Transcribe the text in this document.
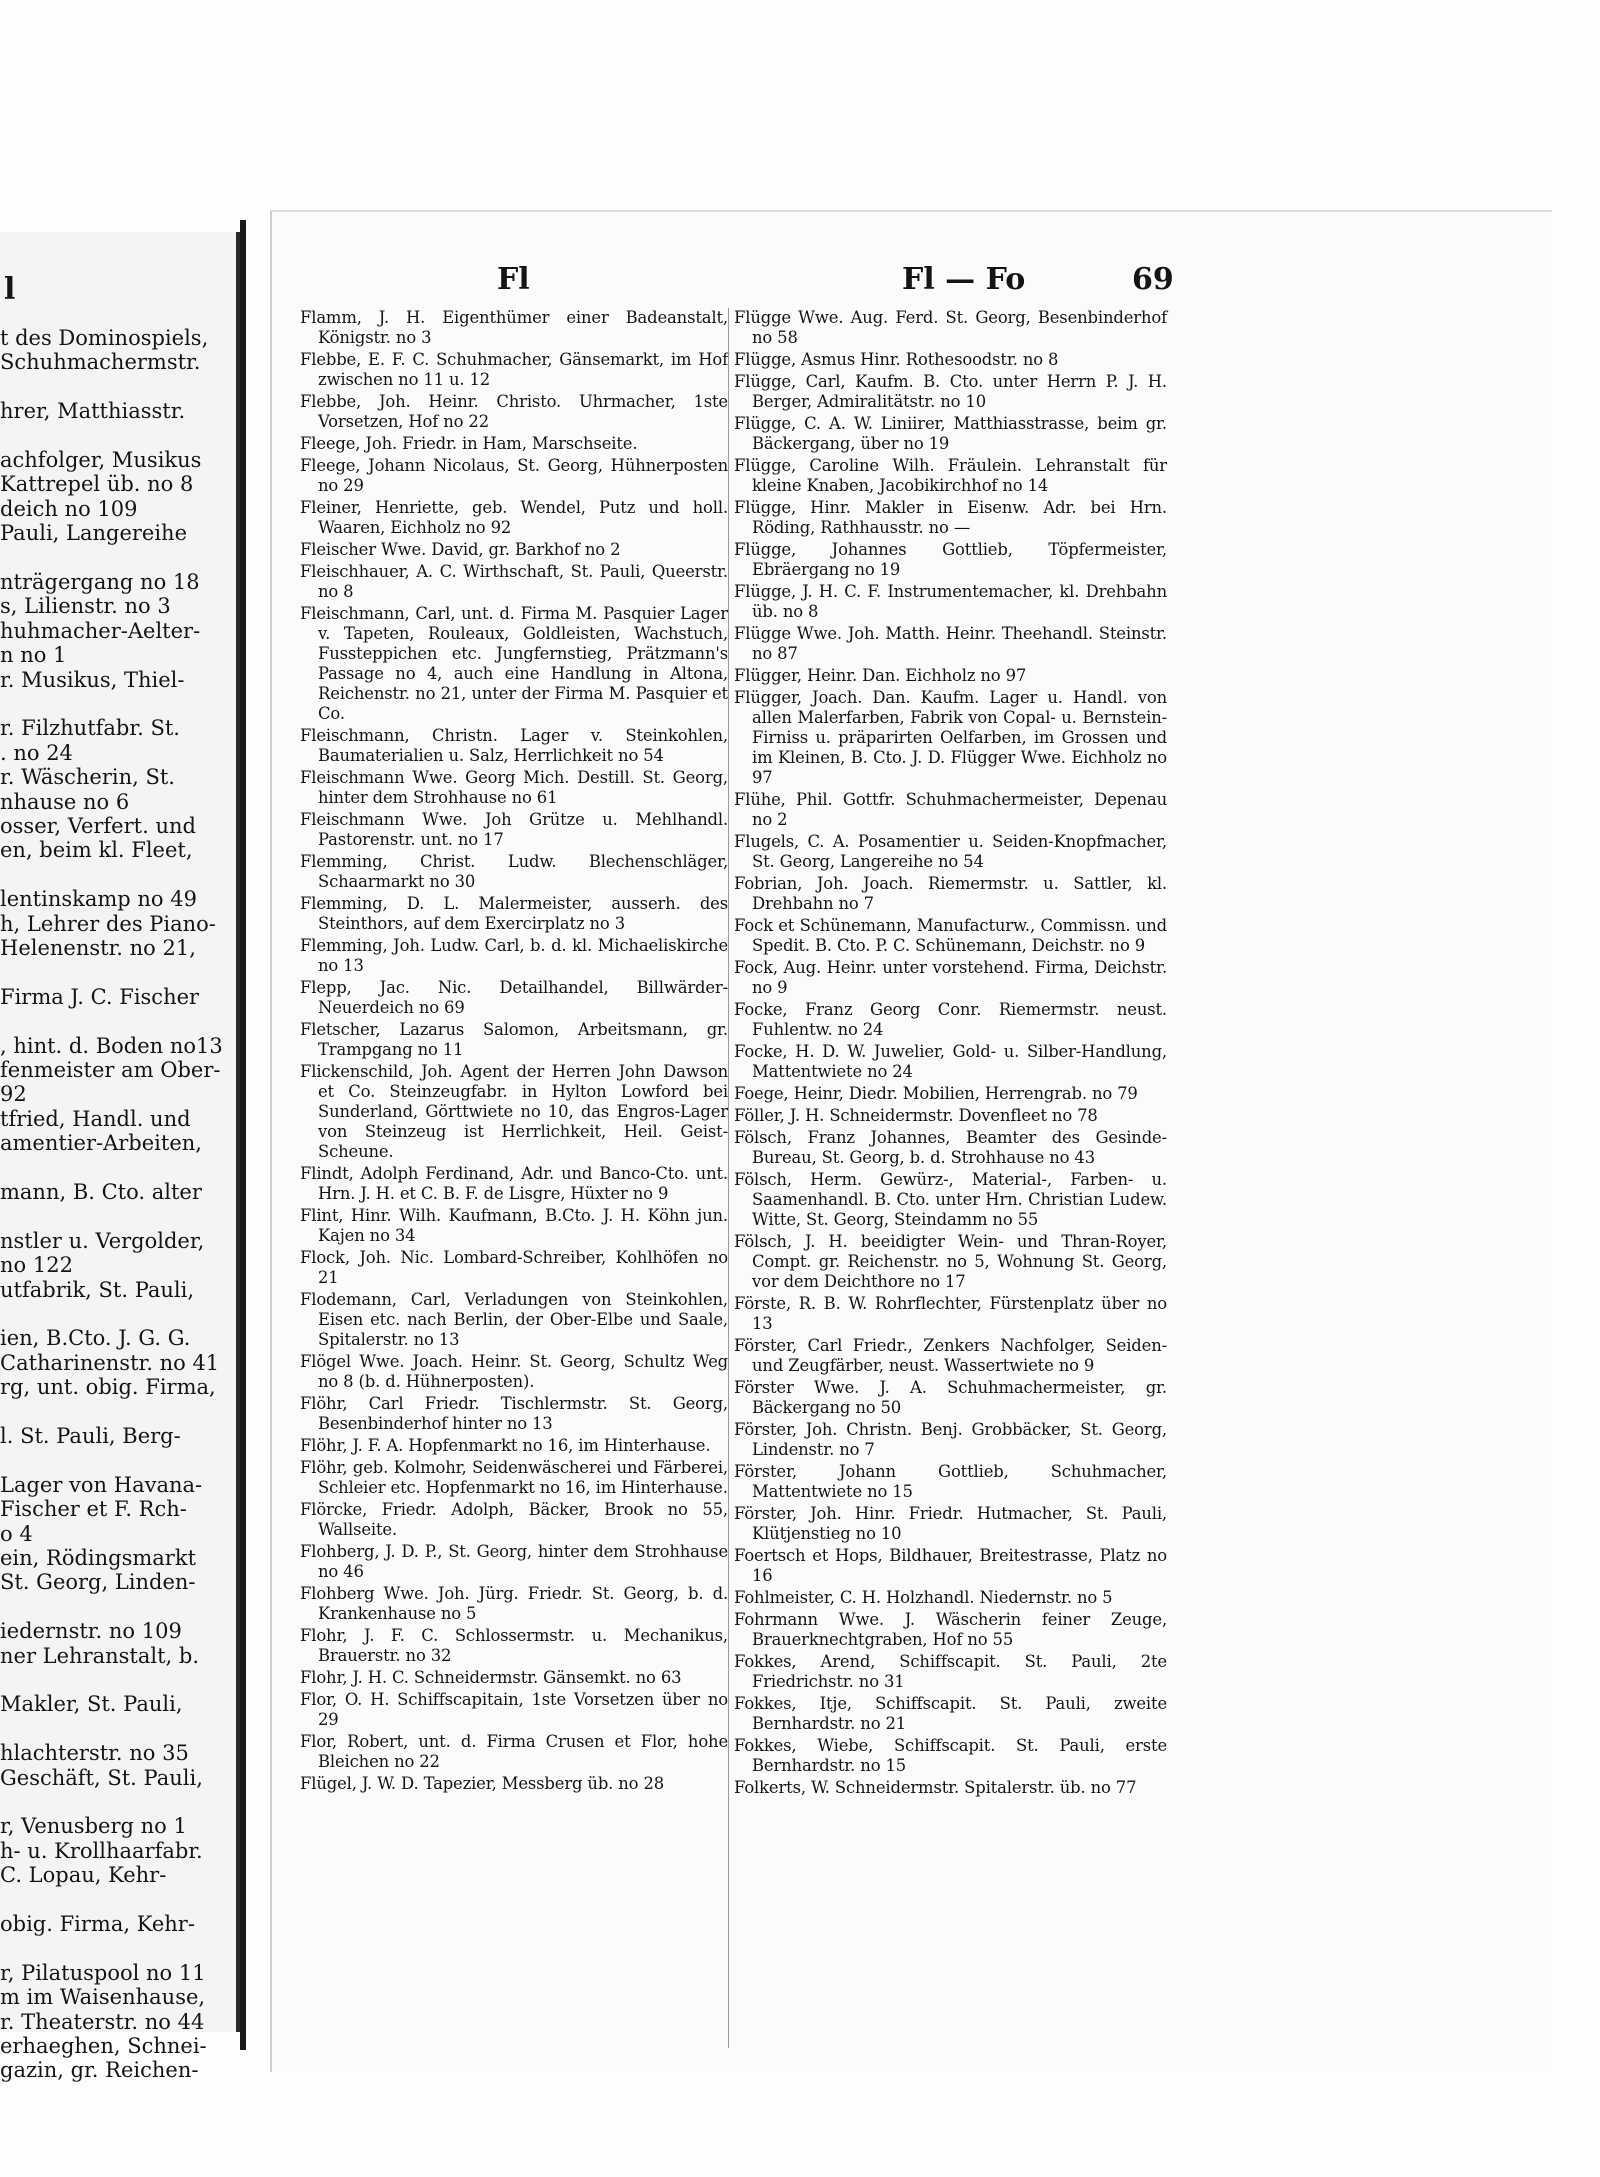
l
t des Dominospiels,
Schuhmachermstr.
hrer, Matthiasstr.
achfolger, Musikus
Kattrepel üb. no 8
deich no 109
Pauli, Langereihe
nträgergang no 18
s, Lilienstr. no 3
huhmacher-Aelter-
n no 1
r. Musikus, Thiel-
r. Filzhutfabr. St.
. no 24
r. Wäscherin, St.
nhause no 6
osser, Verfert. und
en, beim kl. Fleet,
lentinskamp no 49
h, Lehrer des Piano-
Helenenstr. no 21,
Firma J. C. Fischer
, hint. d. Boden no13
fenmeister am Ober-
92
tfried, Handl. und
amentier-Arbeiten,
mann, B. Cto. alter
nstler u. Vergolder,
no 122
utfabrik, St. Pauli,
ien, B.Cto. J. G. G.
Catharinenstr. no 41
rg, unt. obig. Firma,
l. St. Pauli, Berg-
Lager von Havana-
Fischer et F. Rch-
o 4
ein, Rödingsmarkt
St. Georg, Linden-
iedernstr. no 109
ner Lehranstalt, b.
Makler, St. Pauli,
hlachterstr. no 35
Geschäft, St. Pauli,
r, Venusberg no 1
h- u. Krollhaarfabr.
C. Lopau, Kehr-
obig. Firma, Kehr-
r, Pilatuspool no 11
m im Waisenhause,
r. Theaterstr. no 44
erhaeghen, Schnei-
gazin, gr. Reichen-
Fl	Fl — Fo	69
Flamm, J. H. Eigenthümer einer Badeanstalt, Königstr. no 3
Flebbe, E. F. C. Schuhmacher, Gänsemarkt, im Hof zwischen no 11 u. 12
Flebbe, Joh. Heinr. Christo. Uhrmacher, 1ste Vorsetzen, Hof no 22
Fleege, Joh. Friedr. in Ham, Marschseite.
Fleege, Johann Nicolaus, St. Georg, Hühnerposten no 29
Fleiner, Henriette, geb. Wendel, Putz und holl. Waaren, Eichholz no 92
Fleischer Wwe. David, gr. Barkhof no 2
Fleischhauer, A. C. Wirthschaft, St. Pauli, Queerstr. no 8
Fleischmann, Carl, unt. d. Firma M. Pasquier Lager v. Tapeten, Rouleaux, Goldleisten, Wachstuch, Fussteppichen etc. Jungfernstieg, Prätzmann's Passage no 4, auch eine Handlung in Altona, Reichenstr. no 21, unter der Firma M. Pasquier et Co.
Fleischmann, Christn. Lager v. Steinkohlen, Baumaterialien u. Salz, Herrlichkeit no 54
Fleischmann Wwe. Georg Mich. Destill. St. Georg, hinter dem Strohhause no 61
Fleischmann Wwe. Joh Grütze u. Mehlhandl. Pastorenstr. unt. no 17
Flemming, Christ. Ludw. Blechenschläger, Schaarmarkt no 30
Flemming, D. L. Malermeister, ausserh. des Steinthors, auf dem Exercirplatz no 3
Flemming, Joh. Ludw. Carl, b. d. kl. Michaeliskirche no 13
Flepp, Jac. Nic. Detailhandel, Billwärder-Neuerdeich no 69
Fletscher, Lazarus Salomon, Arbeitsmann, gr. Trampgang no 11
Flickenschild, Joh. Agent der Herren John Dawson et Co. Steinzeugfabr. in Hylton Lowford bei Sunderland, Görttwiete no 10, das Engros-Lager von Steinzeug ist Herrlichkeit, Heil. Geist-Scheune.
Flindt, Adolph Ferdinand, Adr. und Banco-Cto. unt. Hrn. J. H. et C. B. F. de Lisgre, Hüxter no 9
Flint, Hinr. Wilh. Kaufmann, B.Cto. J. H. Köhn jun. Kajen no 34
Flock, Joh. Nic. Lombard-Schreiber, Kohlhöfen no 21
Flodemann, Carl, Verladungen von Steinkohlen, Eisen etc. nach Berlin, der Ober-Elbe und Saale, Spitalerstr. no 13
Flögel Wwe. Joach. Heinr. St. Georg, Schultz Weg no 8 (b. d. Hühnerposten).
Flöhr, Carl Friedr. Tischlermstr. St. Georg, Besenbinderhof hinter no 13
Flöhr, J. F. A. Hopfenmarkt no 16, im Hinterhause.
Flöhr, geb. Kolmohr, Seidenwäscherei und Färberei, Schleier etc. Hopfenmarkt no 16, im Hinterhause.
Flörcke, Friedr. Adolph, Bäcker, Brook no 55, Wallseite.
Flohberg, J. D. P., St. Georg, hinter dem Strohhause no 46
Flohberg Wwe. Joh. Jürg. Friedr. St. Georg, b. d. Krankenhause no 5
Flohr, J. F. C. Schlossermstr. u. Mechanikus, Brauerstr. no 32
Flohr, J. H. C. Schneidermstr. Gänsemkt. no 63
Flor, O. H. Schiffscapitain, 1ste Vorsetzen über no 29
Flor, Robert, unt. d. Firma Crusen et Flor, hohe Bleichen no 22
Flügel, J. W. D. Tapezier, Messberg üb. no 28
Flügge Wwe. Aug. Ferd. St. Georg, Besenbinderhof no 58
Flügge, Asmus Hinr. Rothesoodstr. no 8
Flügge, Carl, Kaufm. B. Cto. unter Herrn P. J. H. Berger, Admiralitätstr. no 10
Flügge, C. A. W. Liniirer, Matthiasstrasse, beim gr. Bäckergang, über no 19
Flügge, Caroline Wilh. Fräulein. Lehranstalt für kleine Knaben, Jacobikirchhof no 14
Flügge, Hinr. Makler in Eisenw. Adr. bei Hrn. Röding, Rathhausstr. no —
Flügge, Johannes Gottlieb, Töpfermeister, Ebräergang no 19
Flügge, J. H. C. F. Instrumentemacher, kl. Drehbahn üb. no 8
Flügge Wwe. Joh. Matth. Heinr. Theehandl. Steinstr. no 87
Flügger, Heinr. Dan. Eichholz no 97
Flügger, Joach. Dan. Kaufm. Lager u. Handl. von allen Malerfarben, Fabrik von Copal- u. Bernstein-Firniss u. präparirten Oelfarben, im Grossen und im Kleinen, B. Cto. J. D. Flügger Wwe. Eichholz no 97
Flühe, Phil. Gottfr. Schuhmachermeister, Depenau no 2
Flugels, C. A. Posamentier u. Seiden-Knopfmacher, St. Georg, Langereihe no 54
Fobrian, Joh. Joach. Riemermstr. u. Sattler, kl. Drehbahn no 7
Fock et Schünemann, Manufacturw., Commissn. und Spedit. B. Cto. P. C. Schünemann, Deichstr. no 9
Fock, Aug. Heinr. unter vorstehend. Firma, Deichstr. no 9
Focke, Franz Georg Conr. Riemermstr. neust. Fuhlentw. no 24
Focke, H. D. W. Juwelier, Gold- u. Silber-Handlung, Mattentwiete no 24
Foege, Heinr, Diedr. Mobilien, Herrengrab. no 79
Föller, J. H. Schneidermstr. Dovenfleet no 78
Fölsch, Franz Johannes, Beamter des Gesinde-Bureau, St. Georg, b. d. Strohhause no 43
Fölsch, Herm. Gewürz-, Material-, Farben- u. Saamenhandl. B. Cto. unter Hrn. Christian Ludew. Witte, St. Georg, Steindamm no 55
Fölsch, J. H. beeidigter Wein- und Thran-Royer, Compt. gr. Reichenstr. no 5, Wohnung St. Georg, vor dem Deichthore no 17
Förste, R. B. W. Rohrflechter, Fürstenplatz über no 13
Förster, Carl Friedr., Zenkers Nachfolger, Seiden- und Zeugfärber, neust. Wassertwiete no 9
Förster Wwe. J. A. Schuhmachermeister, gr. Bäckergang no 50
Förster, Joh. Christn. Benj. Grobbäcker, St. Georg, Lindenstr. no 7
Förster, Johann Gottlieb, Schuhmacher, Mattentwiete no 15
Förster, Joh. Hinr. Friedr. Hutmacher, St. Pauli, Klütjenstieg no 10
Foertsch et Hops, Bildhauer, Breitestrasse, Platz no 16
Fohlmeister, C. H. Holzhandl. Niedernstr. no 5
Fohrmann Wwe. J. Wäscherin feiner Zeuge, Brauerknechtgraben, Hof no 55
Fokkes, Arend, Schiffscapit. St. Pauli, 2te Friedrichstr. no 31
Fokkes, Itje, Schiffscapit. St. Pauli, zweite Bernhardstr. no 21
Fokkes, Wiebe, Schiffscapit. St. Pauli, erste Bernhardstr. no 15
Folkerts, W. Schneidermstr. Spitalerstr. üb. no 77
